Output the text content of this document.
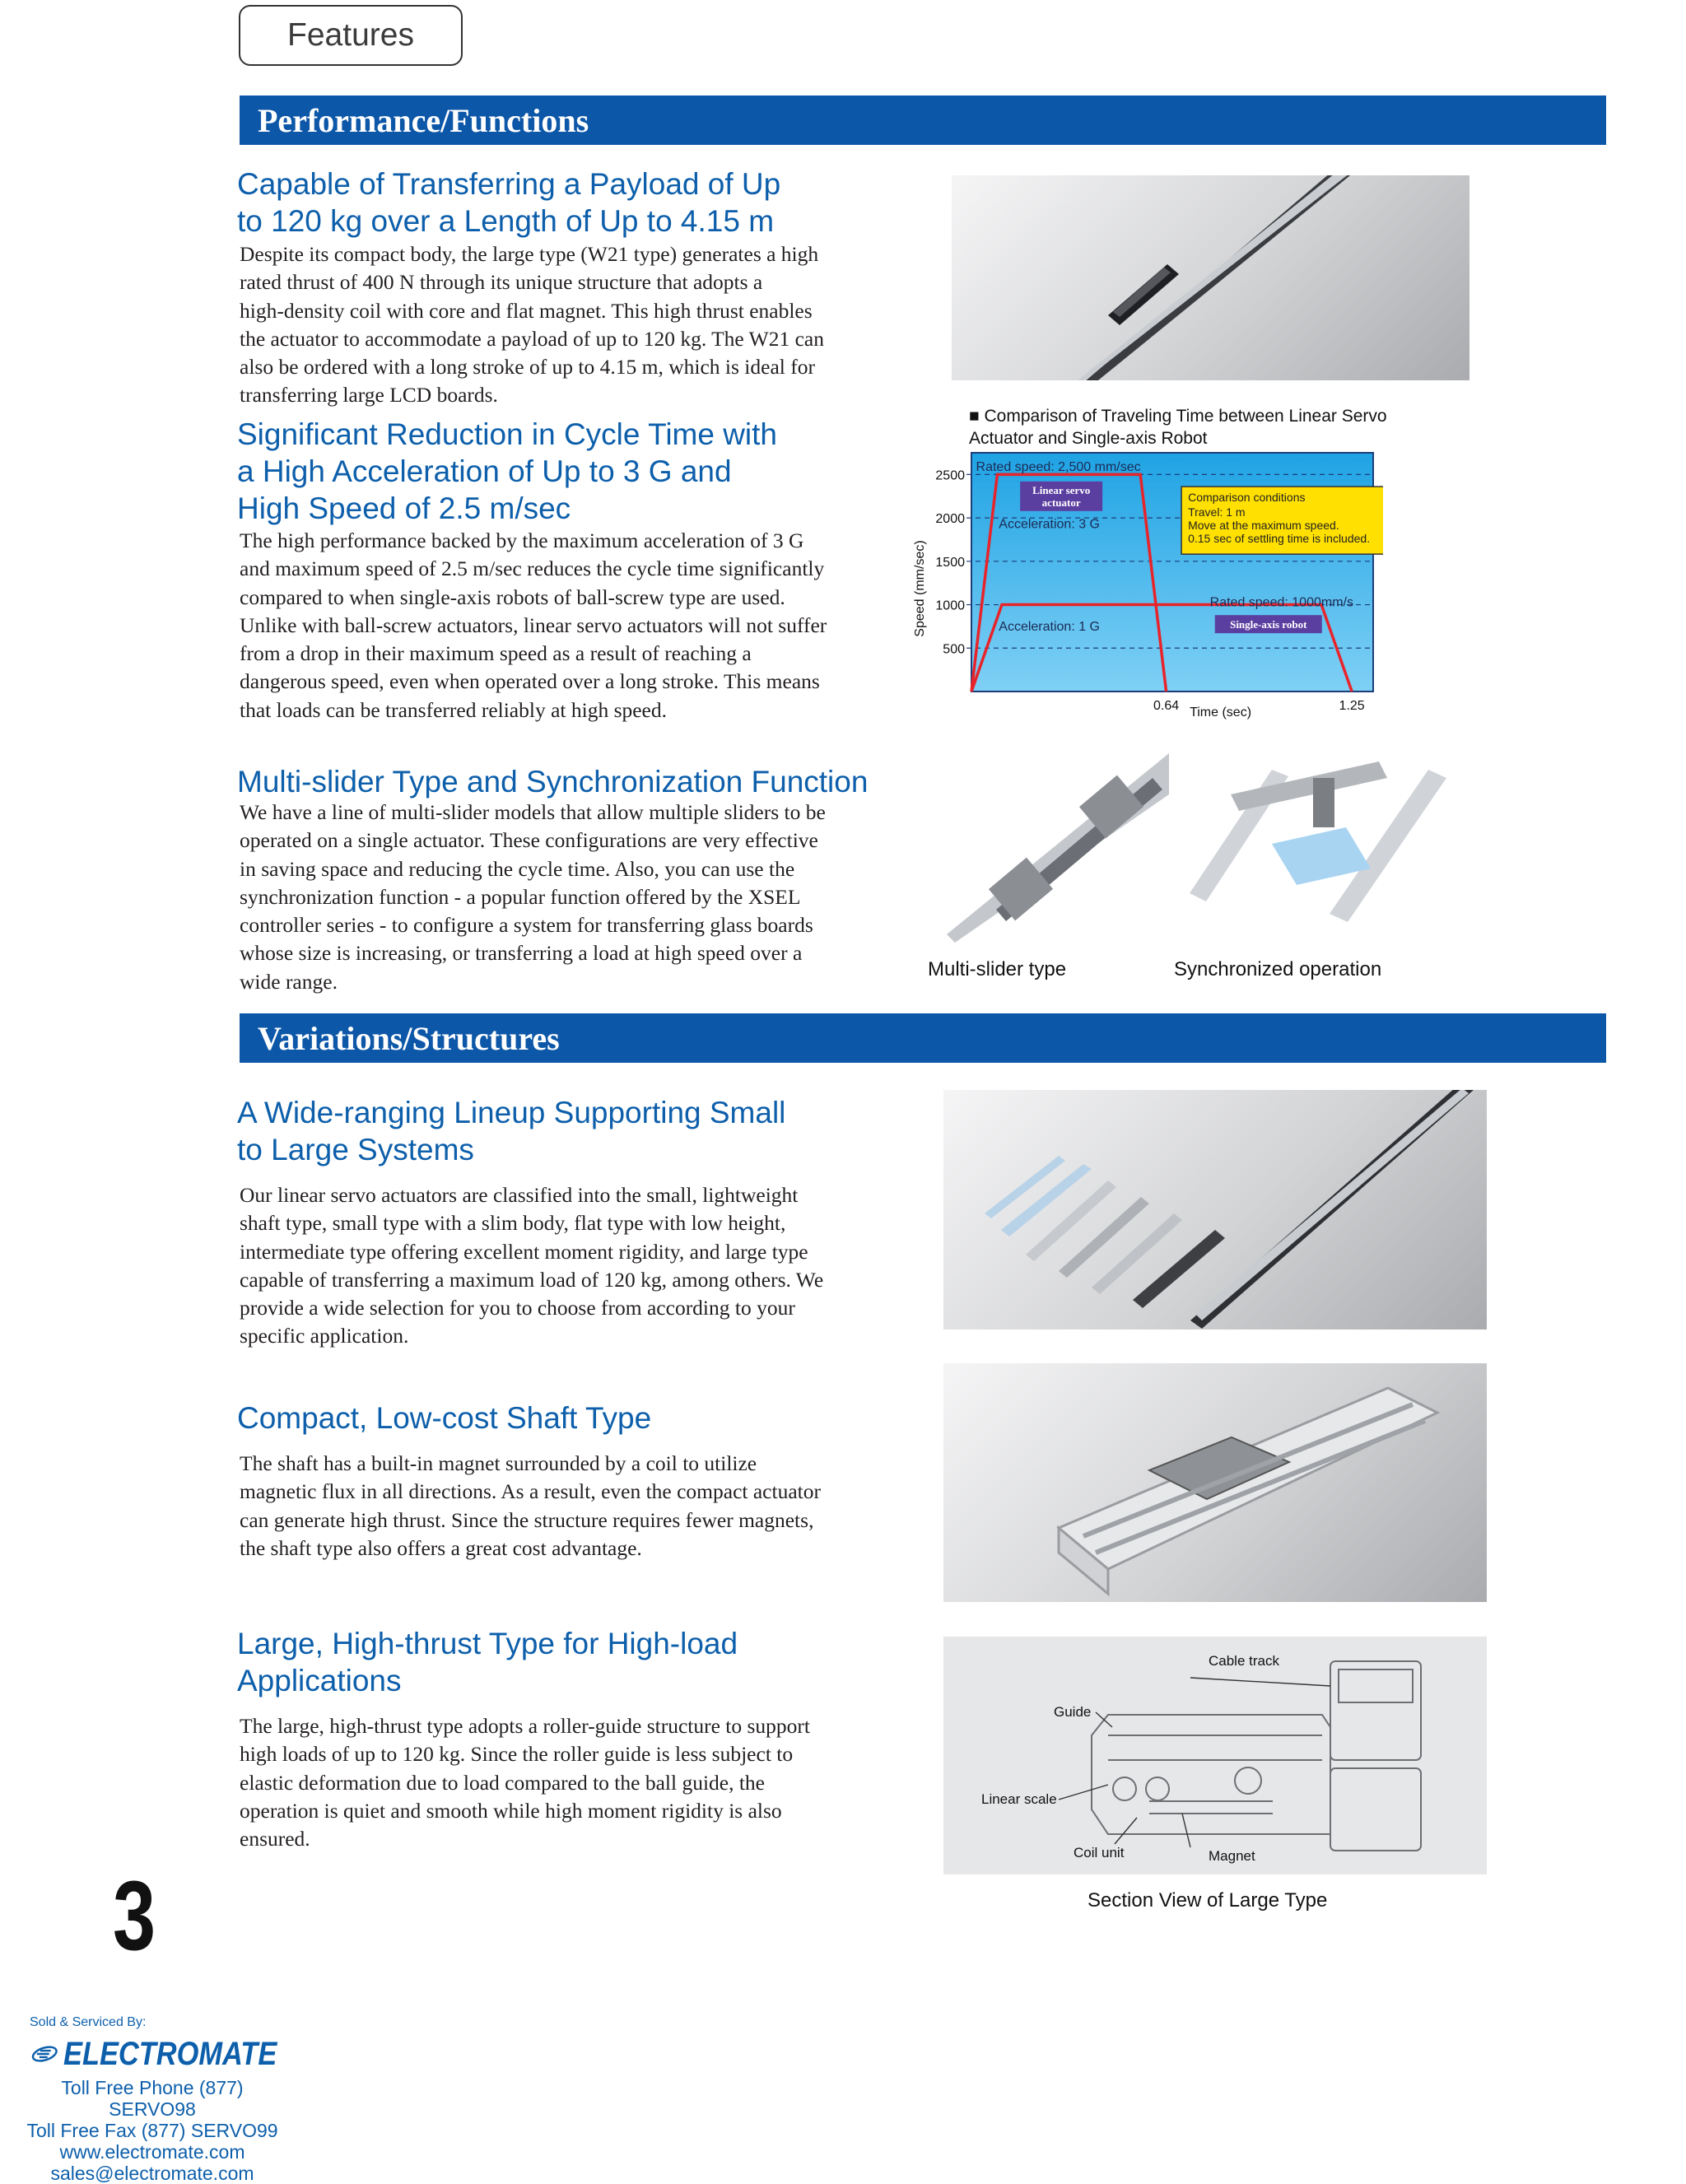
Features
Performance/Functions
Capable of Transferring a Payload of Up
to 120 kg over a Length of Up to 4.15 m
Despite its compact body, the large type (W21 type) generates a high
rated thrust of 400 N through its unique structure that adopts a
high-density coil with core and flat magnet. This high thrust enables
the actuator to accommodate a payload of up to 120 kg. The W21 can
also be ordered with a long stroke of up to 4.15 m, which is ideal for
transferring large LCD boards.
Significant Reduction in Cycle Time with
a High Acceleration of Up to 3 G and
High Speed of 2.5 m/sec
The high performance backed by the maximum acceleration of 3 G
and maximum speed of 2.5 m/sec reduces the cycle time significantly
compared to when single-axis robots of ball-screw type are used.
Unlike with ball-screw actuators, linear servo actuators will not suffer
from a drop in their maximum speed as a result of reaching a
dangerous speed, even when operated over a long stroke. This means
that loads can be transferred reliably at high speed.
■ Comparison of Traveling Time between Linear Servo
Actuator and Single-axis Robot
500
1000
1500
2000
2500
0.64	1.25
Time (sec)
Speed (mm/sec)
Rated speed: 2,500 mm/sec
Linear servo
actuator
Acceleration: 3 G
Rated speed: 1000mm/s
Single-axis robot
Acceleration: 1 G
Comparison conditions
Travel: 1 m
Move at the maximum speed.
0.15 sec of settling time is included.
Multi-slider Type and Synchronization Function
We have a line of multi-slider models that allow multiple sliders to be
operated on a single actuator. These configurations are very effective
in saving space and reducing the cycle time. Also, you can use the
synchronization function - a popular function offered by the XSEL
controller series - to configure a system for transferring glass boards
whose size is increasing, or transferring a load at high speed over a
wide range.
Multi-slider type	Synchronized operation
Variations/Structures
A Wide-ranging Lineup Supporting Small
to Large Systems
Our linear servo actuators are classified into the small, lightweight
shaft type, small type with a slim body, flat type with low height,
intermediate type offering excellent moment rigidity, and large type
capable of transferring a maximum load of 120 kg, among others. We
provide a wide selection for you to choose from according to your
specific application.
Compact, Low-cost Shaft Type
The shaft has a built-in magnet surrounded by a coil to utilize
magnetic flux in all directions. As a result, even the compact actuator
can generate high thrust. Since the structure requires fewer magnets,
the shaft type also offers a great cost advantage.
Large, High-thrust Type for High-load
Applications
The large, high-thrust type adopts a roller-guide structure to support
high loads of up to 120 kg. Since the roller guide is less subject to
elastic deformation due to load compared to the ball guide, the
operation is quiet and smooth while high moment rigidity is also
ensured.
Cable track
Guide
Linear scale
Coil unit	Magnet
Section View of Large Type
3
Sold & Serviced By:
ELECTROMATE
Toll Free Phone (877) SERVO98
Toll Free Fax (877) SERVO99
www.electromate.com
sales@electromate.com
